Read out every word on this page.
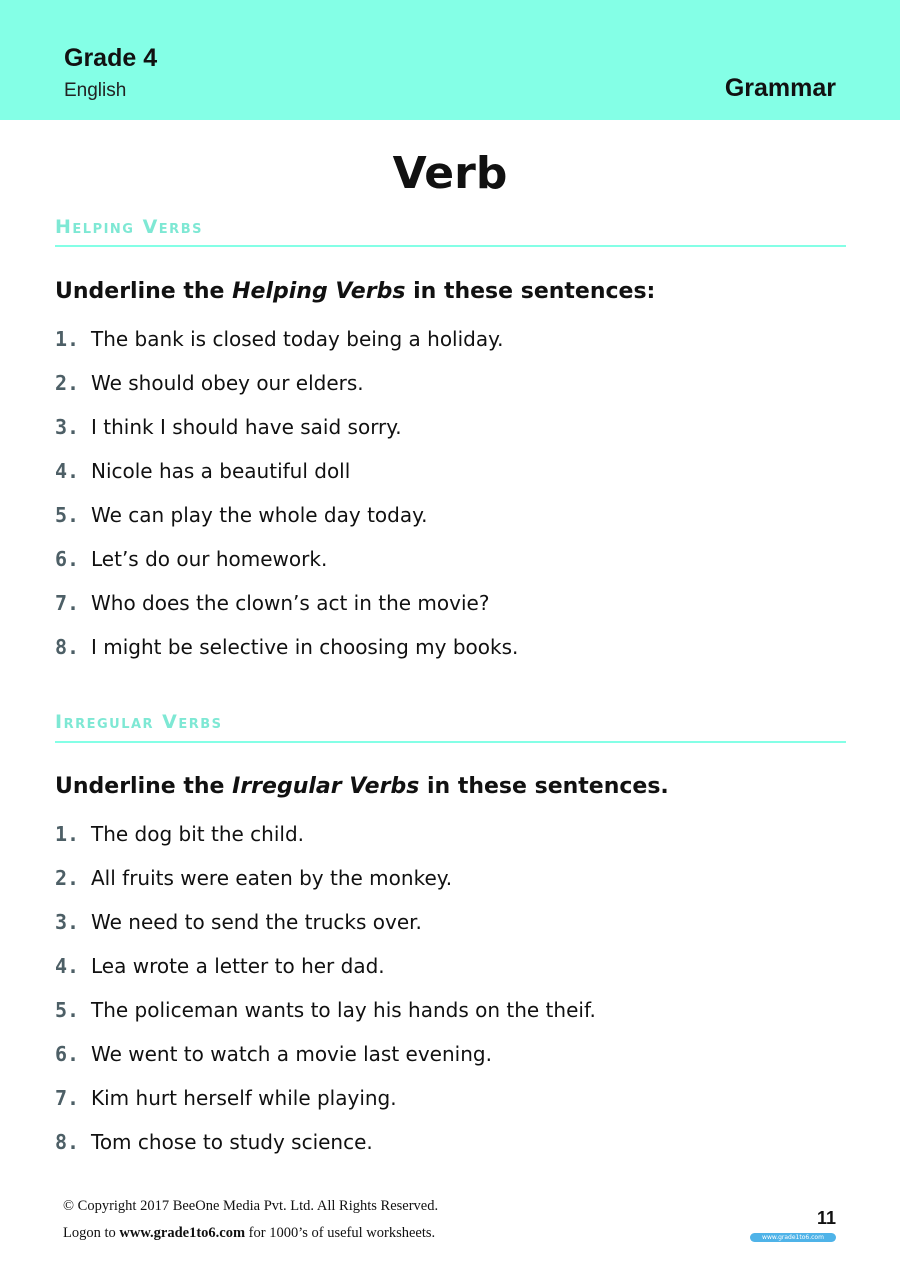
Grade 4
English	Grammar
Verb
Helping Verbs
Underline the Helping Verbs in these sentences:
1. The bank is closed today being a holiday.
2. We should obey our elders.
3. I think I should have said sorry.
4. Nicole has a beautiful doll
5. We can play the whole day today.
6. Let’s do our homework.
7. Who does the clown’s act in the movie?
8. I might be selective in choosing my books.
Irregular Verbs
Underline the Irregular Verbs in these sentences.
1. The dog bit the child.
2. All fruits were eaten by the monkey.
3. We need to send the trucks over.
4. Lea wrote a letter to her dad.
5. The policeman wants to lay his hands on the theif.
6. We went to watch a movie last evening.
7. Kim hurt herself while playing.
8. Tom chose to study science.
© Copyright 2017 BeeOne Media Pvt. Ltd. All Rights Reserved.
Logon to www.grade1to6.com for 1000’s of useful worksheets.
11
www.grade1to6.com
